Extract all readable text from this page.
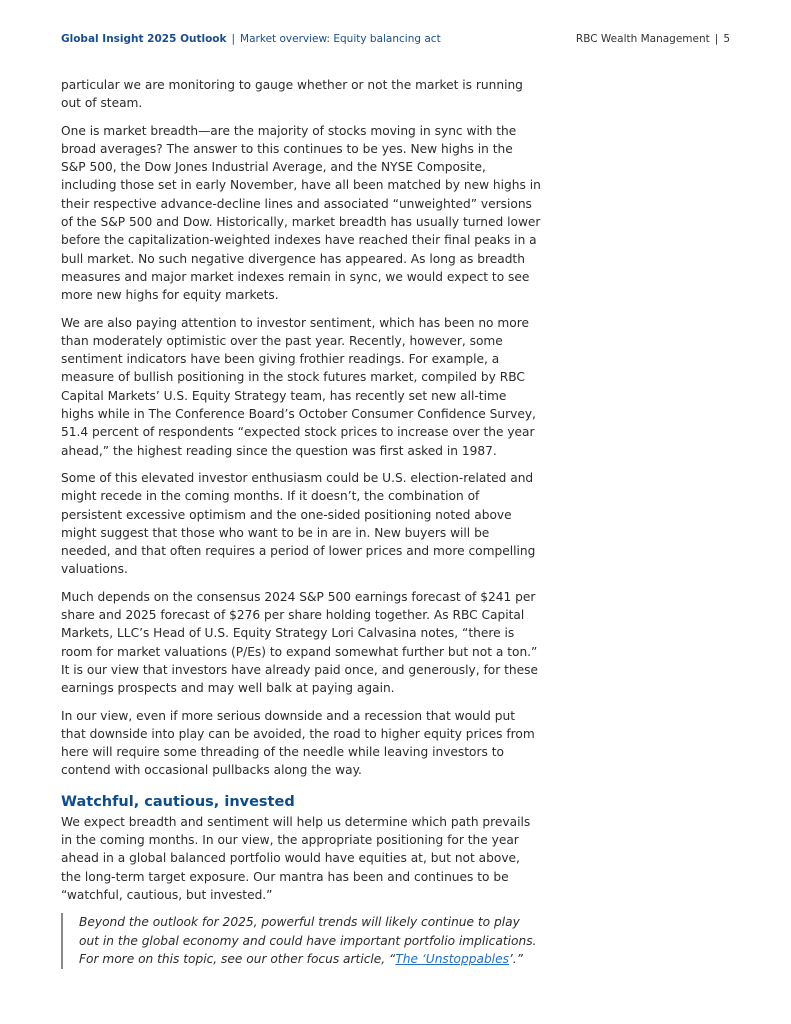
Global Insight 2025 Outlook | Market overview: Equity balancing act	RBC Wealth Management | 5

particular we are monitoring to gauge whether or not the market is running out of steam.

One is market breadth—are the majority of stocks moving in sync with the broad averages? The answer to this continues to be yes. New highs in the S&P 500, the Dow Jones Industrial Average, and the NYSE Composite, including those set in early November, have all been matched by new highs in their respective advance-decline lines and associated “unweighted” versions of the S&P 500 and Dow. Historically, market breadth has usually turned lower before the capitalization-weighted indexes have reached their final peaks in a bull market. No such negative divergence has appeared. As long as breadth measures and major market indexes remain in sync, we would expect to see more new highs for equity markets.

We are also paying attention to investor sentiment, which has been no more than moderately optimistic over the past year. Recently, however, some sentiment indicators have been giving frothier readings. For example, a measure of bullish positioning in the stock futures market, compiled by RBC Capital Markets’ U.S. Equity Strategy team, has recently set new all-time highs while in The Conference Board’s October Consumer Confidence Survey, 51.4 percent of respondents “expected stock prices to increase over the year ahead,” the highest reading since the question was first asked in 1987.

Some of this elevated investor enthusiasm could be U.S. election-related and might recede in the coming months. If it doesn’t, the combination of persistent excessive optimism and the one-sided positioning noted above might suggest that those who want to be in are in. New buyers will be needed, and that often requires a period of lower prices and more compelling valuations.

Much depends on the consensus 2024 S&P 500 earnings forecast of $241 per share and 2025 forecast of $276 per share holding together. As RBC Capital Markets, LLC’s Head of U.S. Equity Strategy Lori Calvasina notes, “there is room for market valuations (P/Es) to expand somewhat further but not a ton.” It is our view that investors have already paid once, and generously, for these earnings prospects and may well balk at paying again.

In our view, even if more serious downside and a recession that would put that downside into play can be avoided, the road to higher equity prices from here will require some threading of the needle while leaving investors to contend with occasional pullbacks along the way.

Watchful, cautious, invested

We expect breadth and sentiment will help us determine which path prevails in the coming months. In our view, the appropriate positioning for the year ahead in a global balanced portfolio would have equities at, but not above, the long-term target exposure. Our mantra has been and continues to be “watchful, cautious, but invested.”

Beyond the outlook for 2025, powerful trends will likely continue to play out in the global economy and could have important portfolio implications. For more on this topic, see our other focus article, “The ‘Unstoppables’.”
